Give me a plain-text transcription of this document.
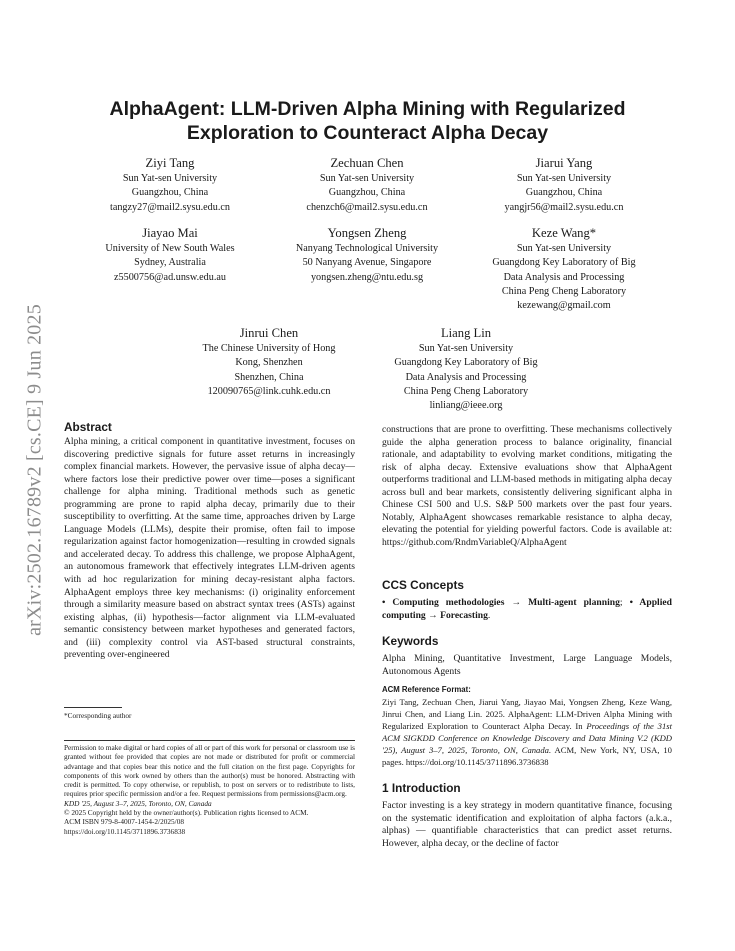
AlphaAgent: LLM-Driven Alpha Mining with Regularized Exploration to Counteract Alpha Decay
arXiv:2502.16789v2 [cs.CE] 9 Jun 2025
Ziyi Tang
Sun Yat-sen University
Guangzhou, China
tangzy27@mail2.sysu.edu.cn
Zechuan Chen
Sun Yat-sen University
Guangzhou, China
chenzch6@mail2.sysu.edu.cn
Jiarui Yang
Sun Yat-sen University
Guangzhou, China
yangjr56@mail2.sysu.edu.cn
Jiayao Mai
University of New South Wales
Sydney, Australia
z5500756@ad.unsw.edu.au
Yongsen Zheng
Nanyang Technological University
50 Nanyang Avenue, Singapore
yongsen.zheng@ntu.edu.sg
Keze Wang*
Sun Yat-sen University
Guangdong Key Laboratory of Big
Data Analysis and Processing
China Peng Cheng Laboratory
kezewang@gmail.com
Jinrui Chen
The Chinese University of Hong
Kong, Shenzhen
Shenzhen, China
120090765@link.cuhk.edu.cn
Liang Lin
Sun Yat-sen University
Guangdong Key Laboratory of Big
Data Analysis and Processing
China Peng Cheng Laboratory
linliang@ieee.org
Abstract
Alpha mining, a critical component in quantitative investment, focuses on discovering predictive signals for future asset returns in increasingly complex financial markets. However, the pervasive issue of alpha decay—where factors lose their predictive power over time—poses a significant challenge for alpha mining. Traditional methods such as genetic programming are prone to rapid alpha decay, primarily due to their susceptibility to overfitting. At the same time, approaches driven by Large Language Models (LLMs), despite their promise, often fail to impose regularization against factor homogenization—resulting in crowded signals and accelerated decay. To address this challenge, we propose AlphaAgent, an autonomous framework that effectively integrates LLM-driven agents with ad hoc regularization for mining decay-resistant alpha factors. AlphaAgent employs three key mechanisms: (i) originality enforcement through a similarity measure based on abstract syntax trees (ASTs) against existing alphas, (ii) hypothesis—factor alignment via LLM-evaluated semantic consistency between market hypotheses and generated factors, and (iii) complexity control via AST-based structural constraints, preventing over-engineered
*Corresponding author

Permission to make digital or hard copies of all or part of this work for personal or classroom use is granted without fee provided that copies are not made or distributed for profit or commercial advantage and that copies bear this notice and the full citation on the first page. Copyrights for components of this work owned by others than the author(s) must be honored. Abstracting with credit is permitted. To copy otherwise, or republish, to post on servers or to redistribute to lists, requires prior specific permission and/or a fee. Request permissions from permissions@acm.org.

KDD '25, August 3–7, 2025, Toronto, ON, Canada

© 2025 Copyright held by the owner/author(s). Publication rights licensed to ACM.

ACM ISBN 979-8-4007-1454-2/2025/08

https://doi.org/10.1145/3711896.3736838

constructions that are prone to overfitting. These mechanisms collectively guide the alpha generation process to balance originality, financial rationale, and adaptability to evolving market conditions, mitigating the risk of alpha decay. Extensive evaluations show that AlphaAgent outperforms traditional and LLM-based methods in mitigating alpha decay across bull and bear markets, consistently delivering significant alpha in Chinese CSI 500 and U.S. S&P 500 markets over the past four years. Notably, AlphaAgent showcases remarkable resistance to alpha decay, elevating the potential for yielding powerful factors. Code is available at: https://github.com/RndmVariableQ/AlphaAgent
CCS Concepts
• Computing methodologies → Multi-agent planning; • Applied computing → Forecasting.
Keywords
Alpha Mining, Quantitative Investment, Large Language Models, Autonomous Agents
ACM Reference Format:
Ziyi Tang, Zechuan Chen, Jiarui Yang, Jiayao Mai, Yongsen Zheng, Keze Wang, Jinrui Chen, and Liang Lin. 2025. AlphaAgent: LLM-Driven Alpha Mining with Regularized Exploration to Counteract Alpha Decay. In Proceedings of the 31st ACM SIGKDD Conference on Knowledge Discovery and Data Mining V.2 (KDD '25), August 3–7, 2025, Toronto, ON, Canada. ACM, New York, NY, USA, 10 pages. https://doi.org/10.1145/3711896.3736838
1 Introduction
Factor investing is a key strategy in modern quantitative finance, focusing on the systematic identification and exploitation of alpha factors (a.k.a., alphas) — quantifiable characteristics that can predict asset returns. However, alpha decay, or the decline of factor
